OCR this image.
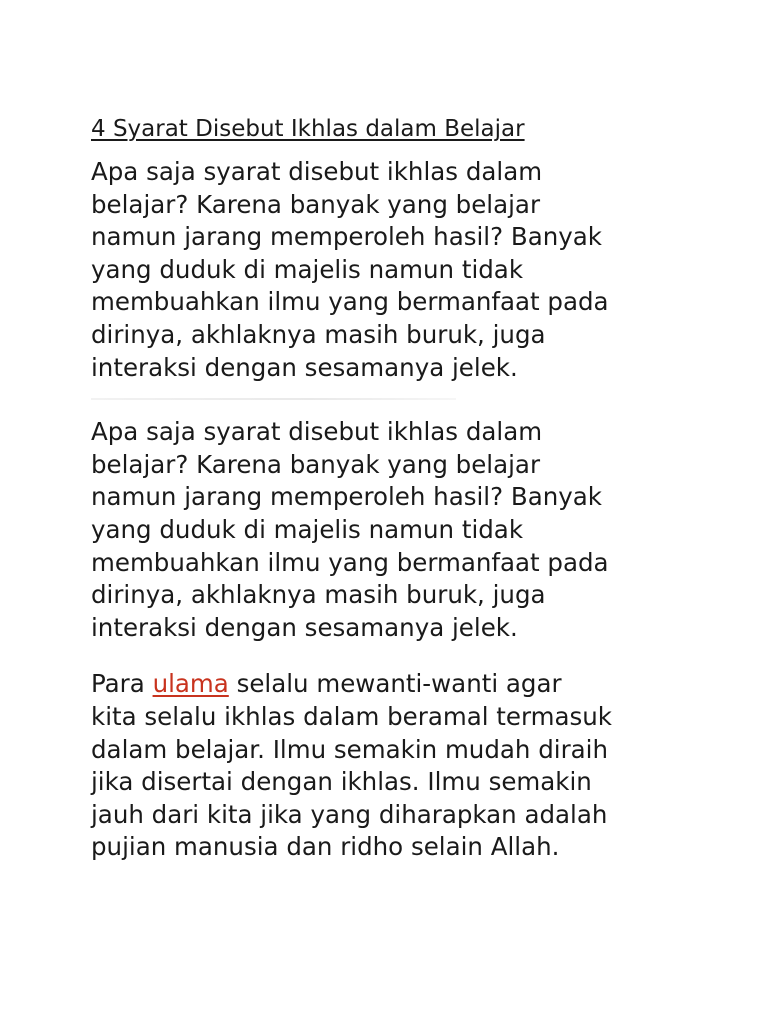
4 Syarat Disebut Ikhlas dalam Belajar

Apa saja syarat disebut ikhlas dalam
belajar? Karena banyak yang belajar
namun jarang memperoleh hasil? Banyak
yang duduk di majelis namun tidak
membuahkan ilmu yang bermanfaat pada
dirinya, akhlaknya masih buruk, juga
interaksi dengan sesamanya jelek.

Apa saja syarat disebut ikhlas dalam
belajar? Karena banyak yang belajar
namun jarang memperoleh hasil? Banyak
yang duduk di majelis namun tidak
membuahkan ilmu yang bermanfaat pada
dirinya, akhlaknya masih buruk, juga
interaksi dengan sesamanya jelek.

Para ulama selalu mewanti-wanti agar
kita selalu ikhlas dalam beramal termasuk
dalam belajar. Ilmu semakin mudah diraih
jika disertai dengan ikhlas. Ilmu semakin
jauh dari kita jika yang diharapkan adalah
pujian manusia dan ridho selain Allah.
